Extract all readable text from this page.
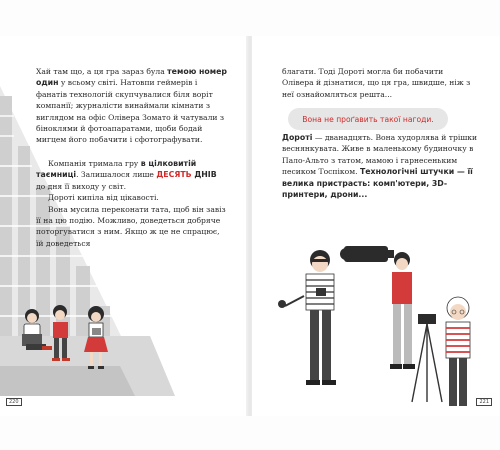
Хай там що, а ця гра зараз була темою номер один у всьому світі. Натовпи геймерів і фанатів технологій скупчувалися біля воріт компанії; журналісти винаймали кімнати з виглядом на офіс Олівера Зомато й чатували з біноклями й фотоапаратами, щоби бодай мигцем його побачити і сфотографувати.

Компанія тримала гру в цілковитій таємниці. Залишалося лише ДЕСЯТЬ ДНІВ до дня її виходу у світ.

Дороті кипіла від цікавості.

Вона мусила переконати тата, щоб він завіз її на цю подію. Можливо, доведеться добряче поторгуватися з ним. Якщо ж це не спрацює, їй доведеться

220

благати. Тоді Дороті могла би побачити Олівера й дізнатися, що ця гра, швидше, ніж з неї ознайомляться решта...

Вона не проґавить такої нагоди.

Дороті — дванадцять. Вона худорлява й трішки веснянкувата. Живе в маленькому будиночку в Пало-Альто з татом, мамою і гарнесеньким песиком Тоспіком. Технологічні штучки — її велика пристрасть: комп'ютери, 3D-принтери, дрони...

221
